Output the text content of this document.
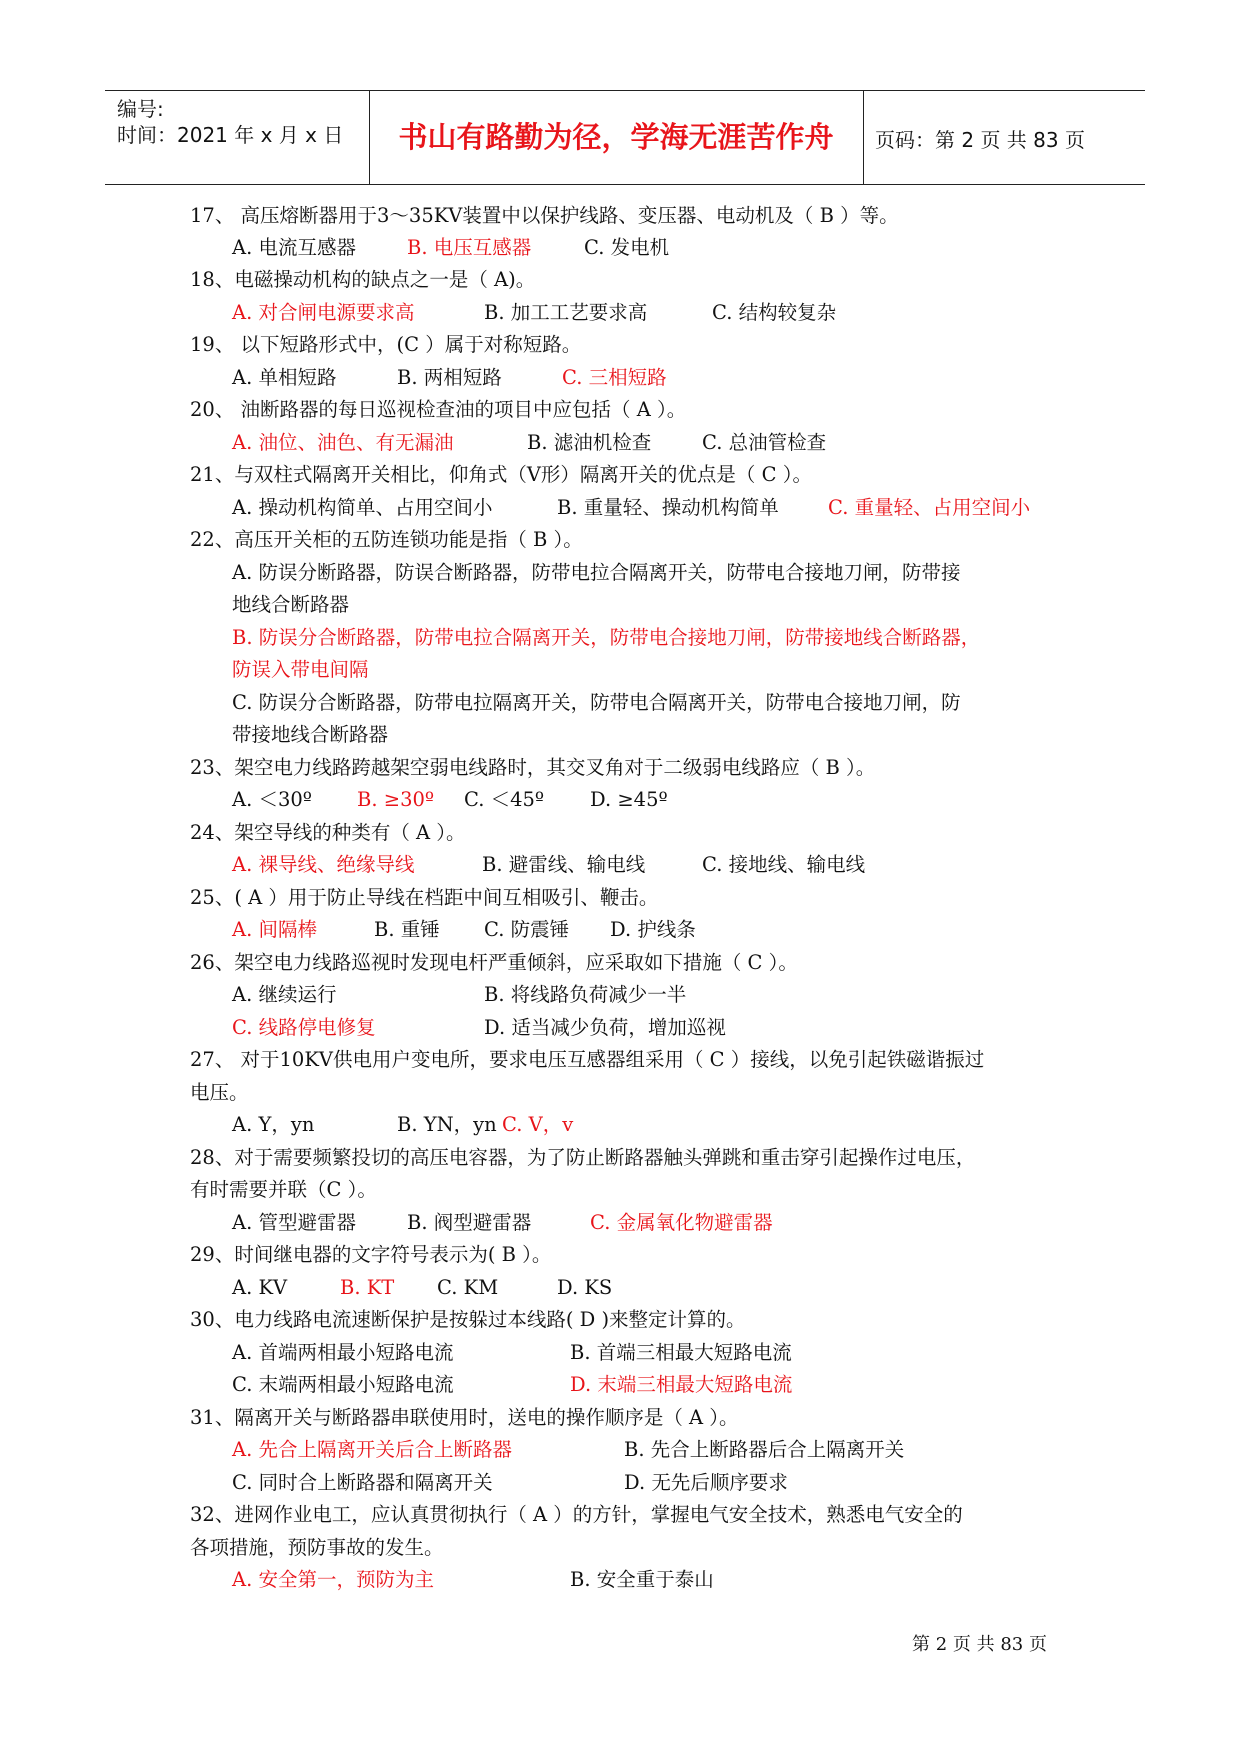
编号:
时间：2021 年 x 月 x 日	书山有路勤为径，学海无涯苦作舟	页码：第 2 页 共 83 页
17、 高压熔断器用于3～35KV装置中以保护线路、变压器、电动机及（ B ）等。
A. 电流互感器	B. 电压互感器	C. 发电机
18、电磁操动机构的缺点之一是（ A)。
A. 对合闸电源要求高	B. 加工工艺要求高	C. 结构较复杂
19、 以下短路形式中，(C ）属于对称短路。
A. 单相短路	B. 两相短路	C. 三相短路
20、 油断路器的每日巡视检查油的项目中应包括（ A ）。
A. 油位、油色、有无漏油	B. 滤油机检查	C. 总油管检查
21、与双柱式隔离开关相比，仰角式（V形）隔离开关的优点是（ C ）。
A. 操动机构简单、占用空间小	B. 重量轻、操动机构简单	C. 重量轻、占用空间小
22、高压开关柜的五防连锁功能是指（ B ）。
A. 防误分断路器，防误合断路器，防带电拉合隔离开关，防带电合接地刀闸，防带接
地线合断路器
B. 防误分合断路器，防带电拉合隔离开关，防带电合接地刀闸，防带接地线合断路器，
防误入带电间隔
C. 防误分合断路器，防带电拉隔离开关，防带电合隔离开关，防带电合接地刀闸，防
带接地线合断路器
23、架空电力线路跨越架空弱电线路时，其交叉角对于二级弱电线路应（ B ）。
A. ＜30º B. ≥30º C. ＜45º D. ≥45º
24、架空导线的种类有（ A ）。
A. 裸导线、绝缘导线	B. 避雷线、输电线	C. 接地线、输电线
25、( A ）用于防止导线在档距中间互相吸引、鞭击。
A. 间隔棒	B. 重锤 C. 防震锤 D. 护线条
26、架空电力线路巡视时发现电杆严重倾斜，应采取如下措施（ C ）。
A. 继续运行	B. 将线路负荷减少一半
C. 线路停电修复	D. 适当减少负荷，增加巡视
27、 对于10KV供电用户变电所，要求电压互感器组采用（ C ）接线，以免引起铁磁谐振过
电压。
A. Y，yn	B. YN，yn C. V，v
28、对于需要频繁投切的高压电容器，为了防止断路器触头弹跳和重击穿引起操作过电压，
有时需要并联（C ）。
A. 管型避雷器	B. 阀型避雷器	C. 金属氧化物避雷器
29、时间继电器的文字符号表示为( B ）。
A. KV	B. KT C. KM	D. KS
30、电力线路电流速断保护是按躲过本线路( D )来整定计算的。
A. 首端两相最小短路电流	B. 首端三相最大短路电流
C. 末端两相最小短路电流	D. 末端三相最大短路电流
31、隔离开关与断路器串联使用时，送电的操作顺序是（ A ）。
A. 先合上隔离开关后合上断路器	B. 先合上断路器后合上隔离开关
C. 同时合上断路器和隔离开关	D. 无先后顺序要求
32、进网作业电工，应认真贯彻执行（ A ）的方针，掌握电气安全技术，熟悉电气安全的
各项措施，预防事故的发生。
A. 安全第一，预防为主	B. 安全重于泰山
第 2 页 共 83 页
